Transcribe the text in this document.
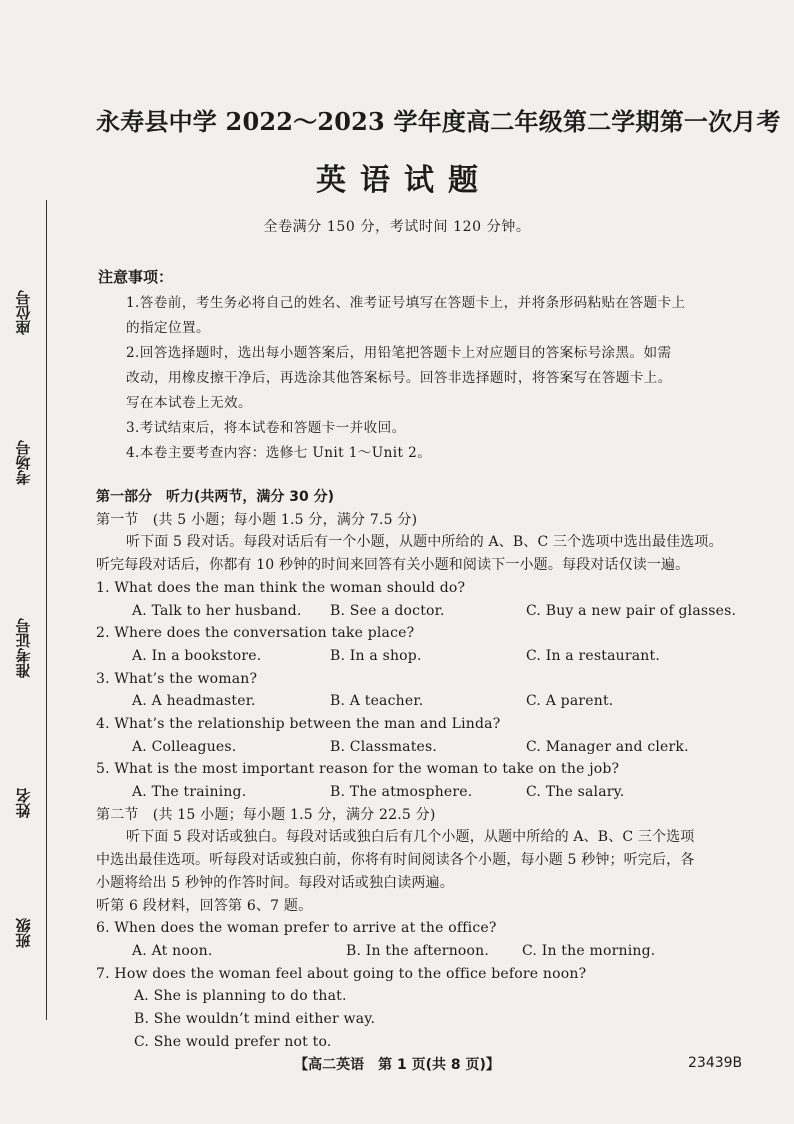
座位号
考场号
准考证号
姓名
班级
永寿县中学 2022～2023 学年度高二年级第二学期第一次月考
英语试题
全卷满分 150 分，考试时间 120 分钟。
注意事项：
1.答卷前，考生务必将自己的姓名、准考证号填写在答题卡上，并将条形码粘贴在答题卡上
的指定位置。
2.回答选择题时，选出每小题答案后，用铅笔把答题卡上对应题目的答案标号涂黑。如需
改动，用橡皮擦干净后，再选涂其他答案标号。回答非选择题时，将答案写在答题卡上。
写在本试卷上无效。
3.考试结束后，将本试卷和答题卡一并收回。
4.本卷主要考查内容：选修七 Unit 1～Unit 2。
第一部分　听力(共两节，满分 30 分)
第一节　(共 5 小题；每小题 1.5 分，满分 7.5 分)
听下面 5 段对话。每段对话后有一个小题，从题中所给的 A、B、C 三个选项中选出最佳选项。
听完每段对话后，你都有 10 秒钟的时间来回答有关小题和阅读下一小题。每段对话仅读一遍。
1. What does the man think the woman should do?
A. Talk to her husband. B. See a doctor.	C. Buy a new pair of glasses.
2. Where does the conversation take place?
A. In a bookstore.	B. In a shop.	C. In a restaurant.
3. What’s the woman?
A. A headmaster.	B. A teacher.	C. A parent.
4. What’s the relationship between the man and Linda?
A. Colleagues.	B. Classmates.	C. Manager and clerk.
5. What is the most important reason for the woman to take on the job?
A. The training.	B. The atmosphere.	C. The salary.
第二节　(共 15 小题；每小题 1.5 分，满分 22.5 分)
听下面 5 段对话或独白。每段对话或独白后有几个小题，从题中所给的 A、B、C 三个选项
中选出最佳选项。听每段对话或独白前，你将有时间阅读各个小题，每小题 5 秒钟；听完后，各
小题将给出 5 秒钟的作答时间。每段对话或独白读两遍。
听第 6 段材料，回答第 6、7 题。
6. When does the woman prefer to arrive at the office?
A. At noon.	B. In the afternoon. C. In the morning.
7. How does the woman feel about going to the office before noon?
A. She is planning to do that.
B. She wouldn’t mind either way.
C. She would prefer not to.
【高二英语　第 1 页(共 8 页)】	23439B
